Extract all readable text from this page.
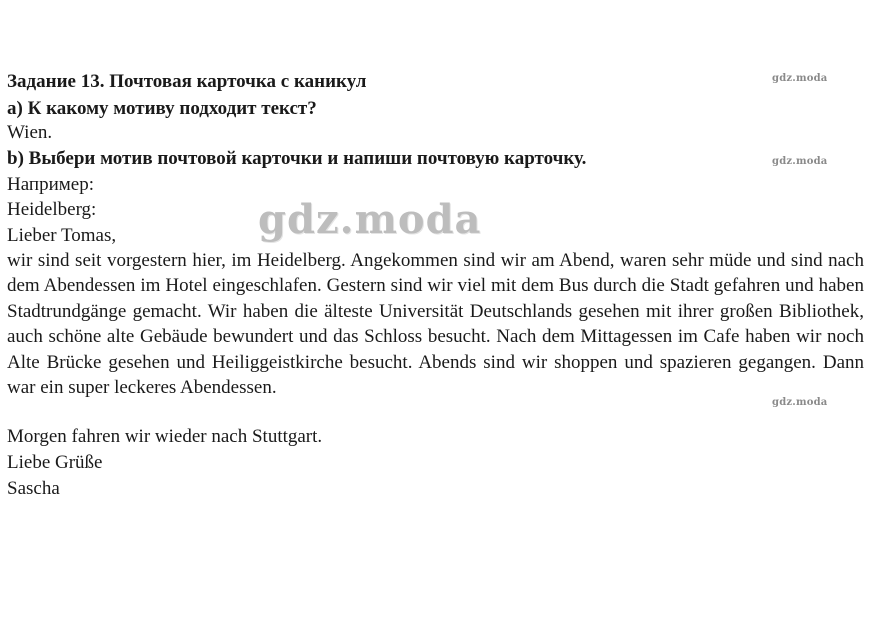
gdz.moda
gdz.moda
gdz.moda
Задание 13. Почтовая карточка с каникул
а) К какому мотиву подходит текст?
Wien.
b) Выбери мотив почтовой карточки и напиши почтовую карточку.
Например:
Heidelberg:
Lieber Tomas,
wir sind seit vorgestern hier, im Heidelberg. Angekommen sind wir am Abend, waren sehr müde und sind nach dem Abendessen im Hotel eingeschlafen. Gestern sind wir viel mit dem Bus durch die Stadt gefahren und haben Stadtrundgänge gemacht. Wir haben die älteste Universität Deutschlands gesehen mit ihrer großen Bibliothek, auch schöne alte Gebäude bewundert und das Schloss besucht. Nach dem Mittagessen im Cafe haben wir noch Alte Brücke gesehen und Heiliggeistkirche besucht. Abends sind wir shoppen und spazieren gegangen. Dann war ein super leckeres Abendessen.
Morgen fahren wir wieder nach Stuttgart.
Liebe Grüße
Sascha
gdz.moda
